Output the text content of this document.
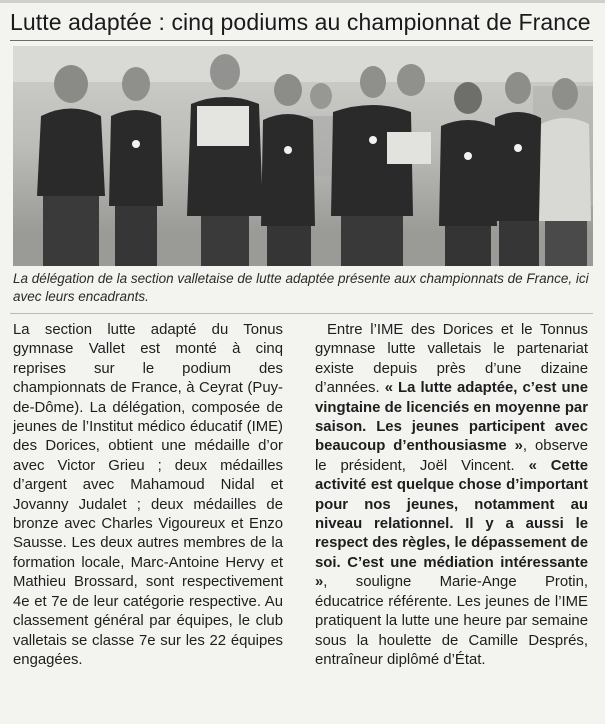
Lutte adaptée : cinq podiums au championnat de France
La délégation de la section valletaise de lutte adaptée présente aux championnats de France, ici avec leurs encadrants.
La section lutte adapté du Tonus gymnase Vallet est monté à cinq reprises sur le podium des championnats de France, à Ceyrat (Puy-de-Dôme). La délégation, composée de jeunes de l’Institut médico éducatif (IME) des Dorices, obtient une médaille d’or avec Victor Grieu ; deux médailles d’argent avec Mahamoud Nidal et Jovanny Judalet ; deux médailles de bronze avec Charles Vigoureux et Enzo Sausse. Les deux autres membres de la formation locale, Marc-Antoine Hervy et Mathieu Brossard, sont respectivement 4e et 7e de leur catégorie respective. Au classement général par équipes, le club valletais se classe 7e sur les 22 équipes engagées.
Entre l’IME des Dorices et le Tonnus gymnase lutte valletais le partenariat existe depuis près d’une dizaine d’années. « La lutte adaptée, c’est une vingtaine de licenciés en moyenne par saison. Les jeunes participent avec beaucoup d’enthousiasme », observe le président, Joël Vincent. « Cette activité est quelque chose d’important pour nos jeunes, notamment au niveau relationnel. Il y a aussi le respect des règles, le dépassement de soi. C’est une médiation intéressante », souligne Marie-Ange Protin, éducatrice référente. Les jeunes de l’IME pratiquent la lutte une heure par semaine sous la houlette de Camille Després, entraîneur diplômé d’État.
